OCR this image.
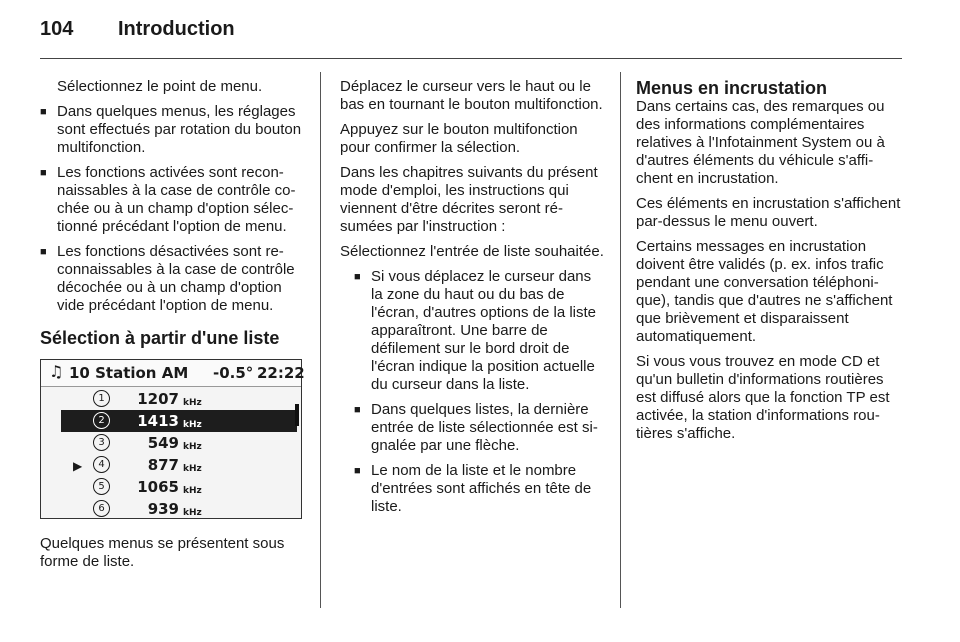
104 Introduction
Sélectionnez le point de menu.
■ Dans quelques menus, les réglages sont effectués par rotation du bouton multifonction.
■ Les fonctions activées sont reconnaissables à la case de contrôle cochée ou à un champ d'option sélectionné précédant l'option de menu.
■ Les fonctions désactivées sont reconnaissables à la case de contrôle décochée ou à un champ d'option vide précédant l'option de menu.
Sélection à partir d'une liste
♫ 10 Station AM -0.5° 22:22
1	1207 kHz
2	1413 kHz
3	549 kHz
▶	4	877 kHz
5	1065 kHz
6	939 kHz
Quelques menus se présentent sous forme de liste.

Déplacez le curseur vers le haut ou le bas en tournant le bouton multifonction.

Appuyez sur le bouton multifonction pour confirmer la sélection.

Dans les chapitres suivants du présent mode d'emploi, les instructions qui viennent d'être décrites seront résumées par l'instruction :

Sélectionnez l'entrée de liste souhaitée.

■ Si vous déplacez le curseur dans la zone du haut ou du bas de l'écran, d'autres options de la liste apparaîtront. Une barre de défilement sur le bord droit de l'écran indique la position actuelle du curseur dans la liste.
■ Dans quelques listes, la dernière entrée de liste sélectionnée est signalée par une flèche.
■ Le nom de la liste et le nombre d'entrées sont affichés en tête de liste.
Menus en incrustation

Dans certains cas, des remarques ou des informations complémentaires relatives à l'Infotainment System ou à d'autres éléments du véhicule s'affichent en incrustation.

Ces éléments en incrustation s'affichent par-dessus le menu ouvert.

Certains messages en incrustation doivent être validés (p. ex. infos trafic pendant une conversation téléphonique), tandis que d'autres ne s'affichent que brièvement et disparaissent automatiquement.

Si vous vous trouvez en mode CD et qu'un bulletin d'informations routières est diffusé alors que la fonction TP est activée, la station d'informations routières s'affiche.
